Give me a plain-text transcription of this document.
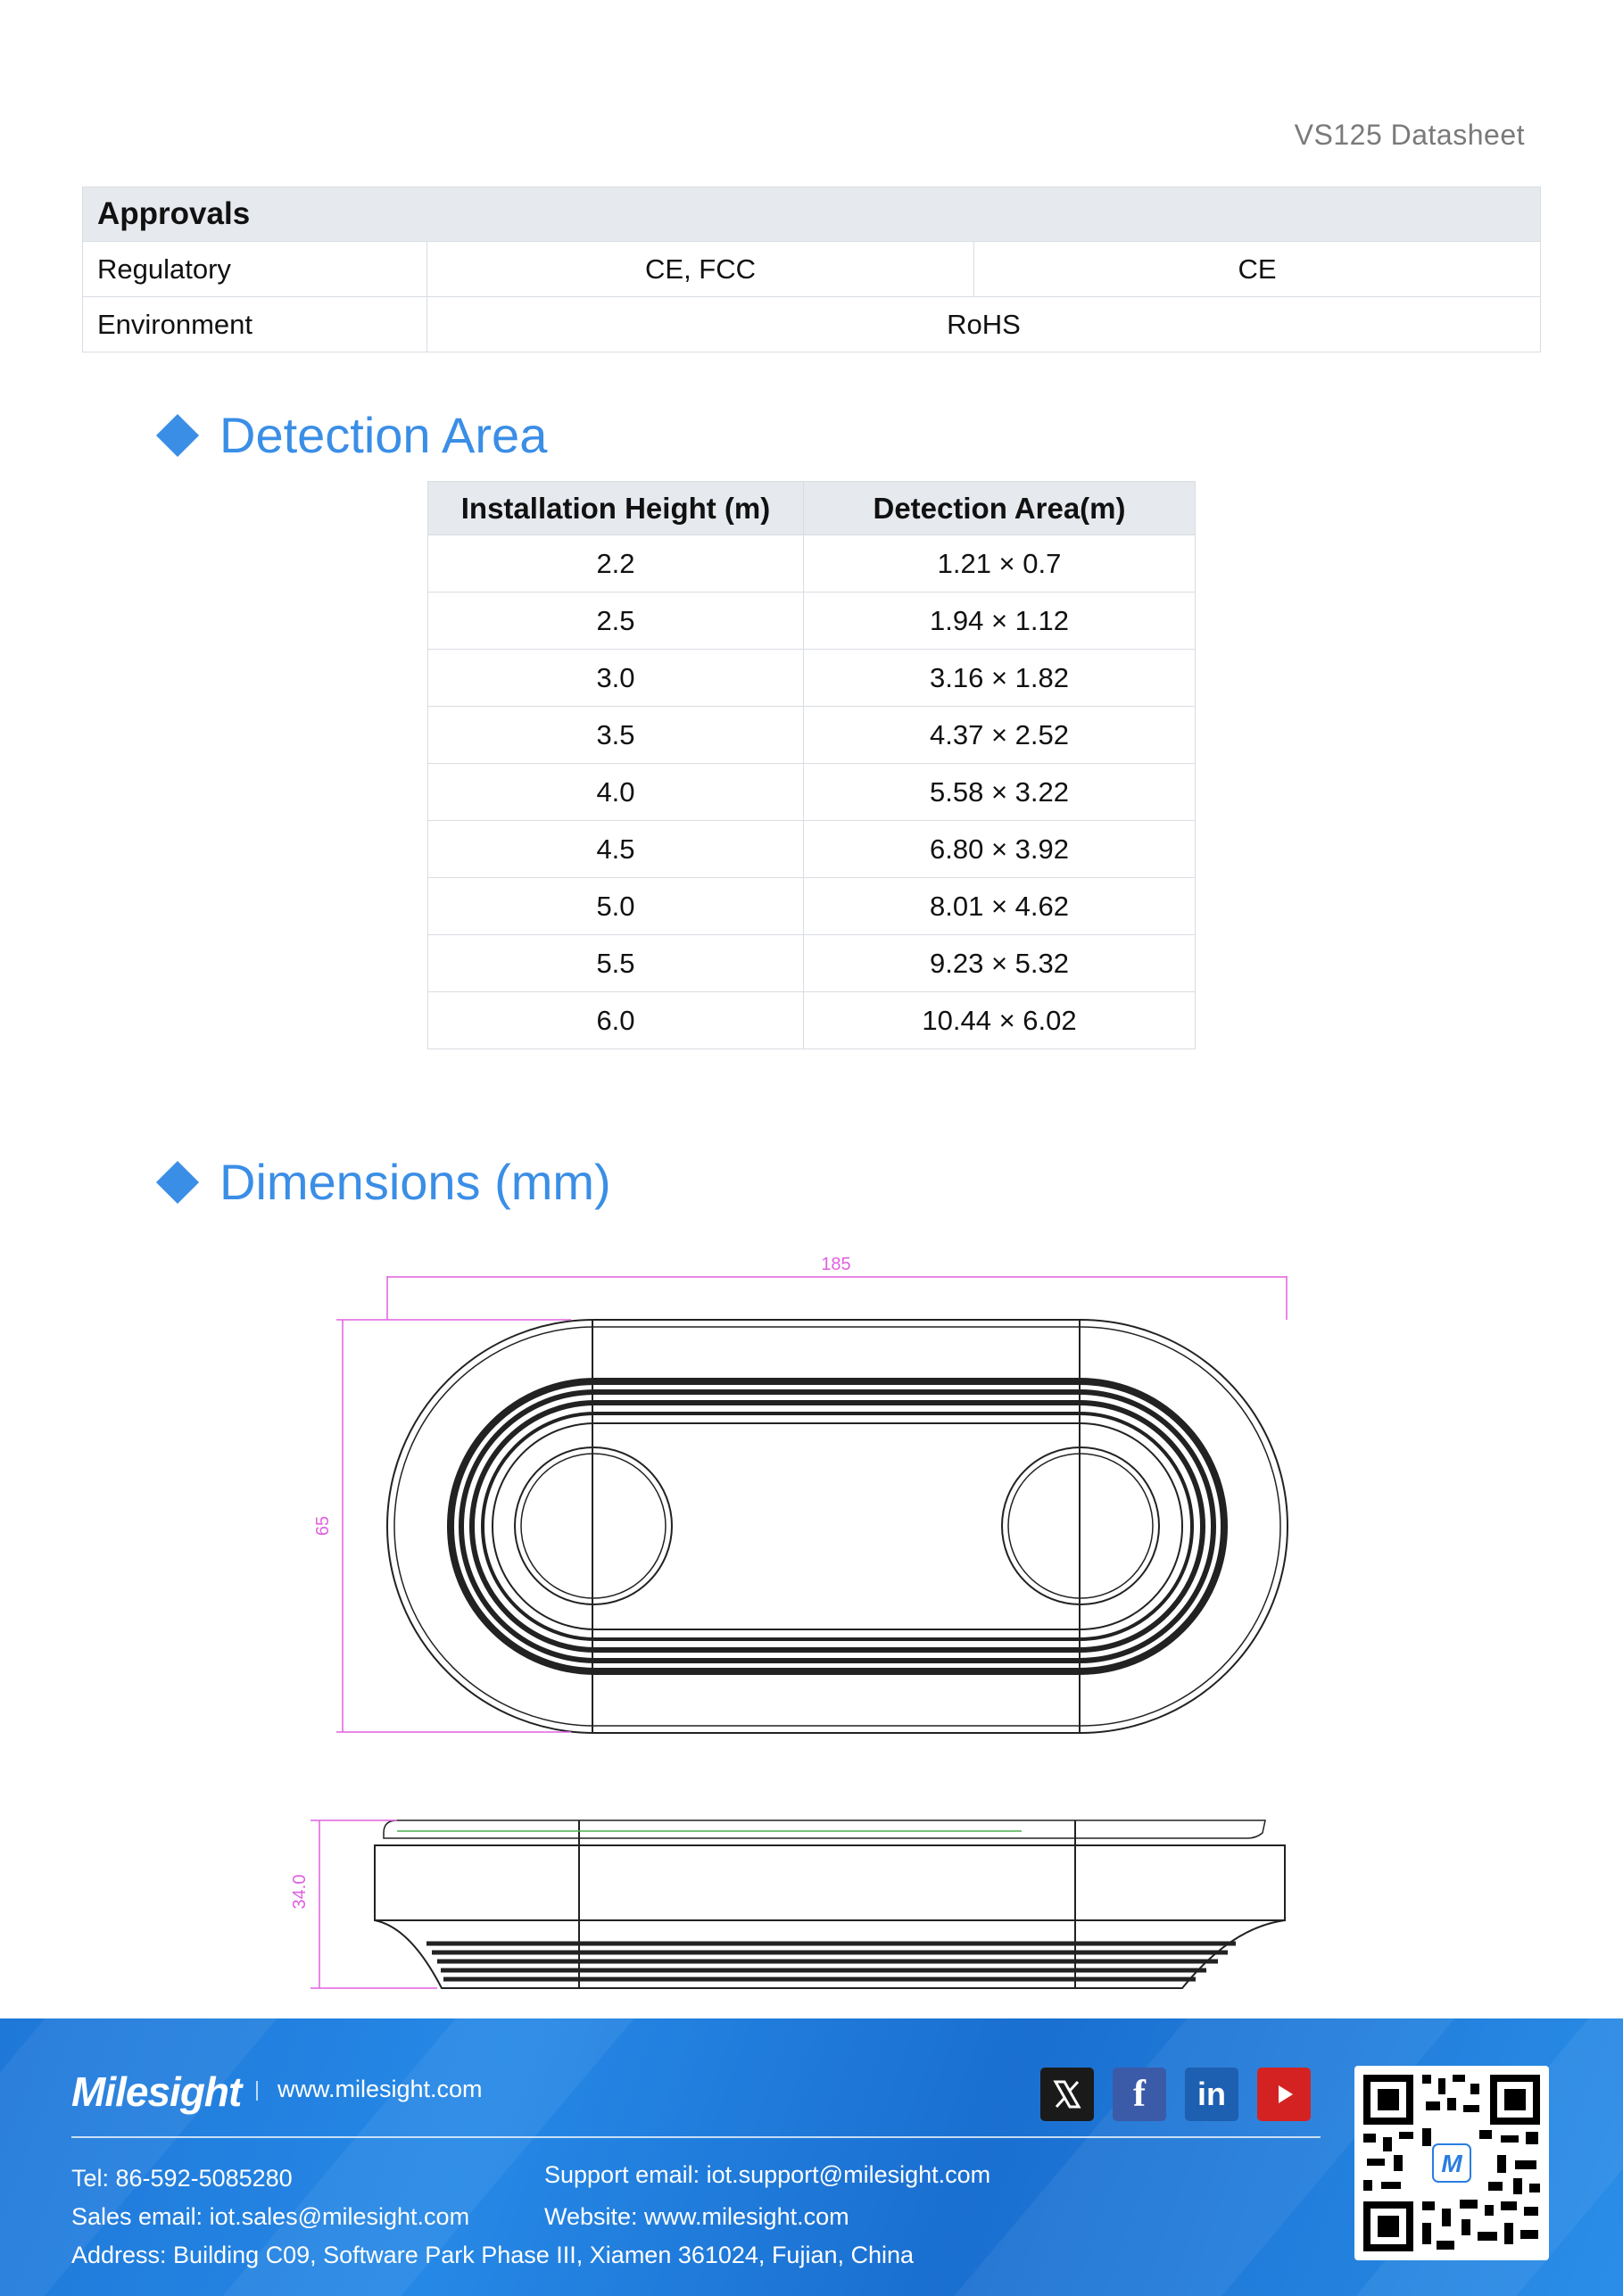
VS125 Datasheet
Approvals		
Regulatory	CE, FCC	CE
Environment	RoHS	
Detection Area
Installation Height (m)	Detection Area(m)
2.2	1.21 × 0.7
2.5	1.94 × 1.12
3.0	3.16 × 1.82
3.5	4.37 × 2.52
4.0	5.58 × 3.22
4.5	6.80 × 3.92
5.0	8.01 × 4.62
5.5	9.23 × 5.32
6.0	10.44 × 6.02
Dimensions (mm)
185
65
34.0
Milesight www.milesight.com	f	in
Tel: 86-592-5085280
Sales email: iot.sales@milesight.com
Address: Building C09, Software Park Phase III, Xiamen 361024, Fujian, China
Support email: iot.support@milesight.com
Website: www.milesight.com
M
